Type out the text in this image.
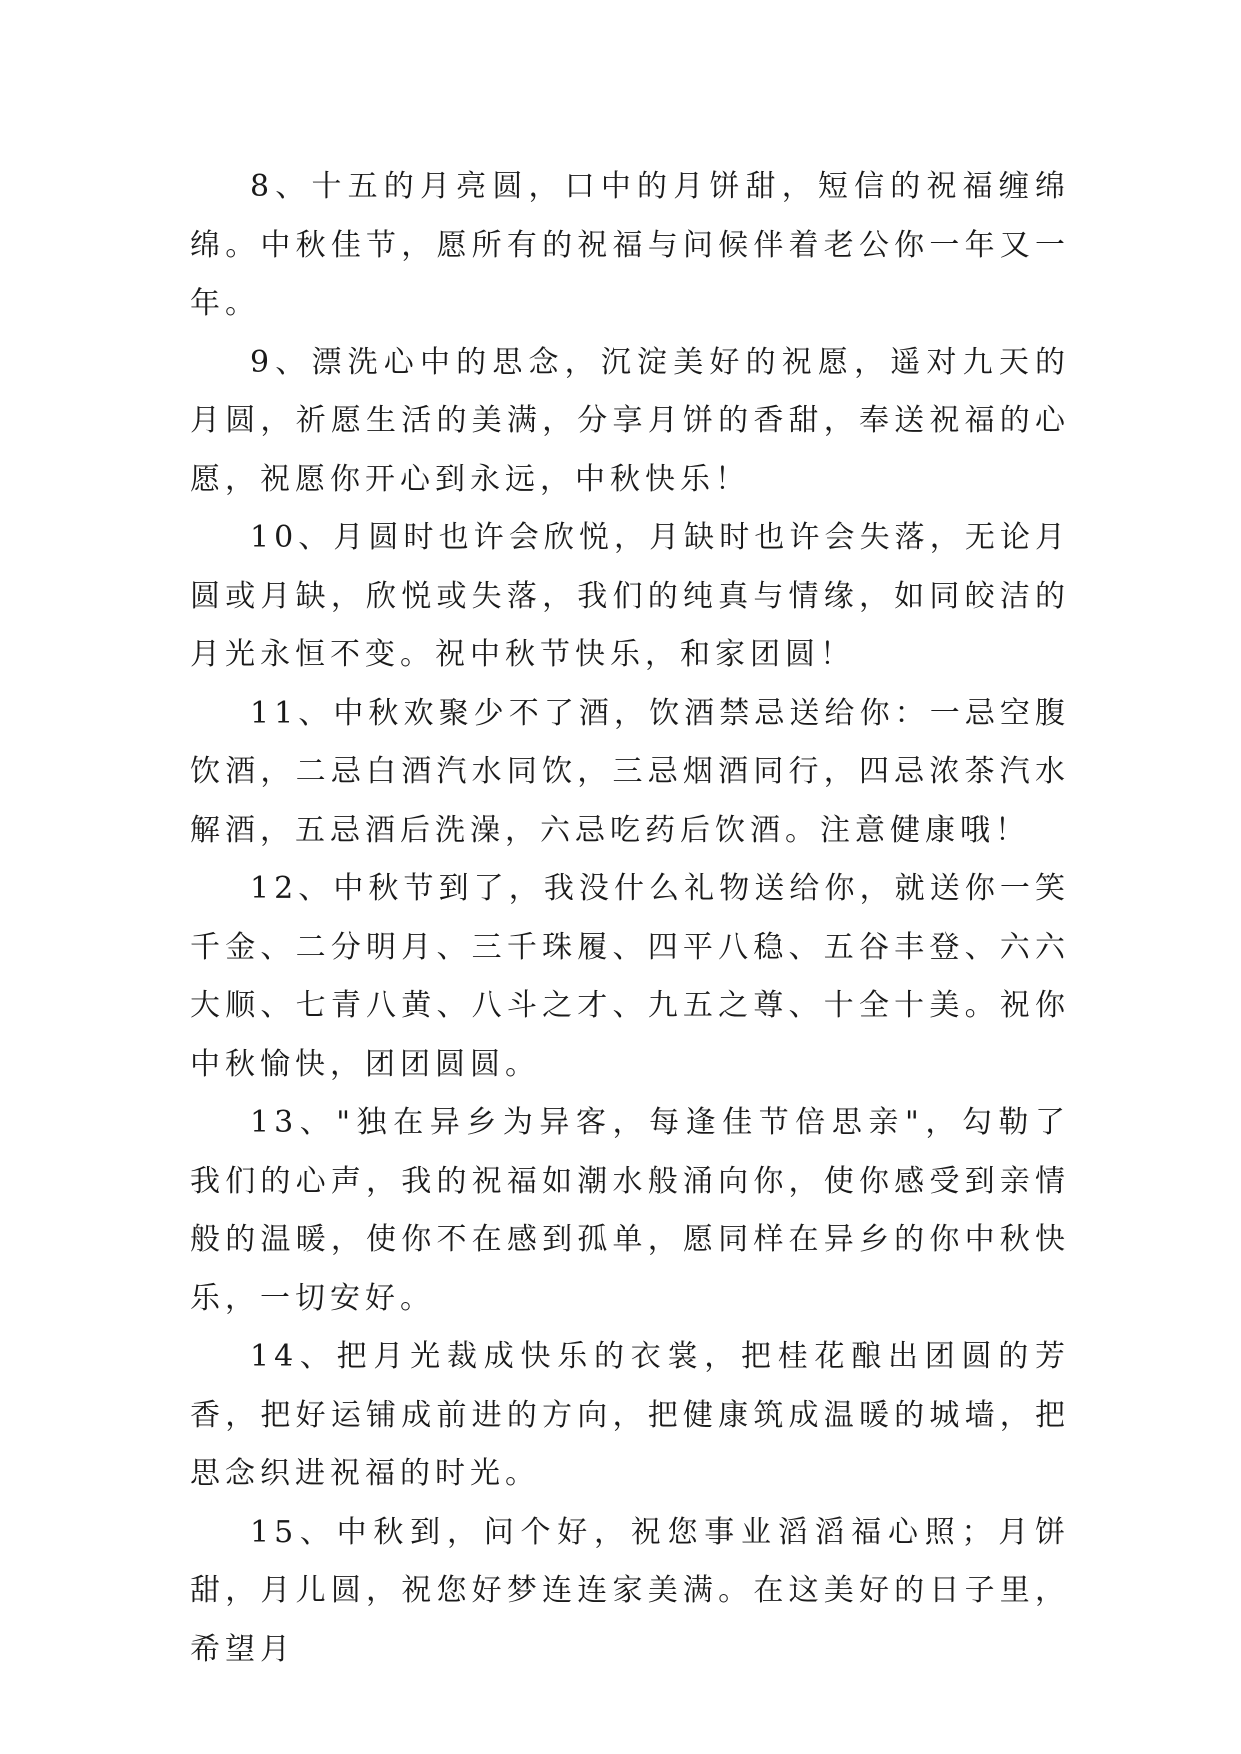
8、十五的月亮圆，口中的月饼甜，短信的祝福缠绵绵。中秋佳节，愿所有的祝福与问候伴着老公你一年又一年。

9、漂洗心中的思念，沉淀美好的祝愿，遥对九天的月圆，祈愿生活的美满，分享月饼的香甜，奉送祝福的心愿，祝愿你开心到永远，中秋快乐！

10、月圆时也许会欣悦，月缺时也许会失落，无论月圆或月缺，欣悦或失落，我们的纯真与情缘，如同皎洁的月光永恒不变。祝中秋节快乐，和家团圆！

11、中秋欢聚少不了酒，饮酒禁忌送给你：一忌空腹饮酒，二忌白酒汽水同饮，三忌烟酒同行，四忌浓茶汽水解酒，五忌酒后洗澡，六忌吃药后饮酒。注意健康哦！

12、中秋节到了，我没什么礼物送给你，就送你一笑千金、二分明月、三千珠履、四平八稳、五谷丰登、六六大顺、七青八黄、八斗之才、九五之尊、十全十美。祝你中秋愉快，团团圆圆。

13、"独在异乡为异客，每逢佳节倍思亲"，勾勒了我们的心声，我的祝福如潮水般涌向你，使你感受到亲情般的温暖，使你不在感到孤单，愿同样在异乡的你中秋快乐，一切安好。

14、把月光裁成快乐的衣裳，把桂花酿出团圆的芳香，把好运铺成前进的方向，把健康筑成温暖的城墙，把思念织进祝福的时光。

15、中秋到，问个好，祝您事业滔滔福心照；月饼甜，月儿圆，祝您好梦连连家美满。在这美好的日子里，希望月
